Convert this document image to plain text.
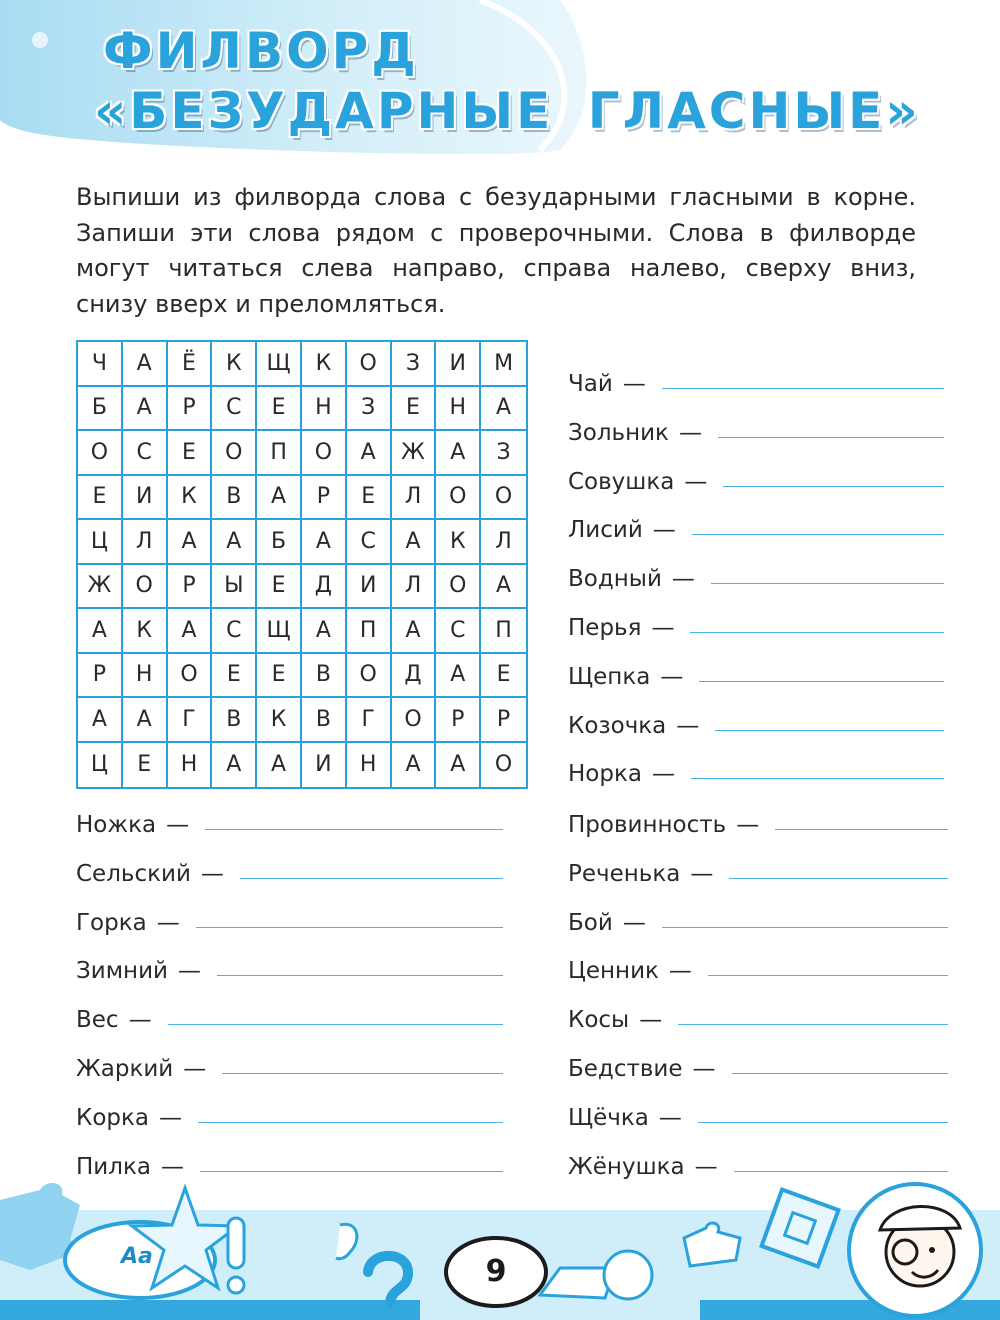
ФИЛВОРД
«БЕЗУДАРНЫЕ ГЛАСНЫЕ»
Выпиши из филворда слова с безударными гласными в корне. Запиши эти слова рядом с проверочными. Слова в филворде могут читаться слева направо, справа налево, сверху вниз, снизу вверх и преломляться.
Ч	А	Ё	К	Щ	К	О	З	И	М
Б	А	Р	С	Е	Н	З	Е	Н	А
О	С	Е	О	П	О	А	Ж	А	З
Е	И	К	В	А	Р	Е	Л	О	О
Ц	Л	А	А	Б	А	С	А	К	Л
Ж	О	Р	Ы	Е	Д	И	Л	О	А
А	К	А	С	Щ	А	П	А	С	П
Р	Н	О	Е	Е	В	О	Д	А	Е
А	А	Г	В	К	В	Г	О	Р	Р
Ц	Е	Н	А	А	И	Н	А	А	О
Чай —
Зольник —
Совушка —
Лисий —
Водный —
Перья —
Щепка —
Козочка —
Норка —
Ножка —
Сельский —
Горка —
Зимний —
Вес —
Жаркий —
Корка —
Пилка —
Провинность —
Реченька —
Бой —
Ценник —
Косы —
Бедствие —
Щёчка —
Жёнушка —
Aa	9
